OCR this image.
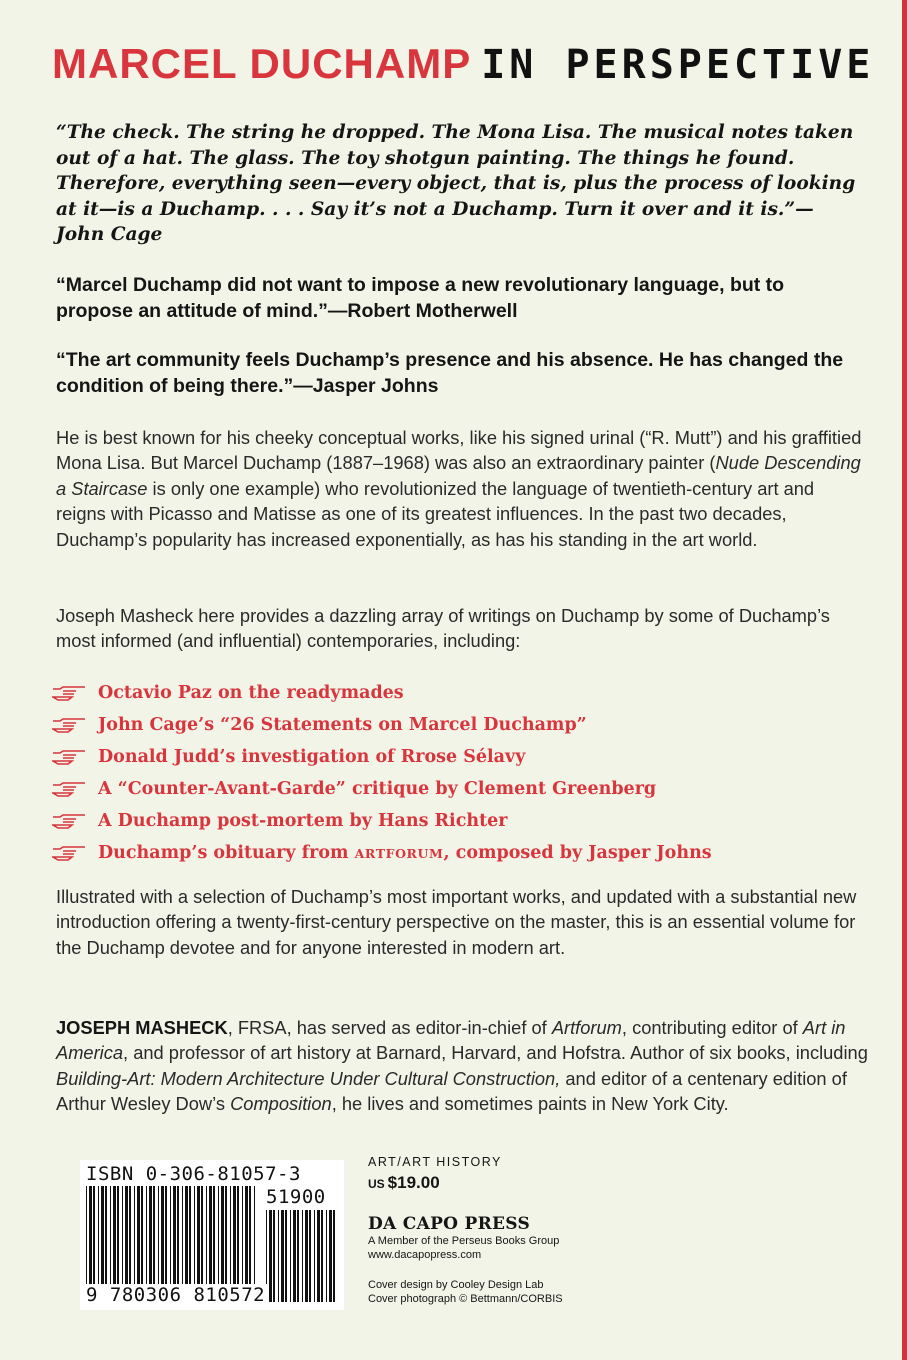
MARCEL DUCHAMP IN PERSPECTIVE

“The check. The string he dropped. The Mona Lisa. The musical notes taken out of a hat. The glass. The toy shotgun painting. The things he found. Therefore, everything seen—every object, that is, plus the process of looking at it—is a Duchamp. . . . Say it’s not a Duchamp. Turn it over and it is.”—John Cage

“Marcel Duchamp did not want to impose a new revolutionary language, but to propose an attitude of mind.”—Robert Motherwell

“The art community feels Duchamp’s presence and his absence. He has changed the condition of being there.”—Jasper Johns

He is best known for his cheeky conceptual works, like his signed urinal (“R. Mutt”) and his graffitied Mona Lisa. But Marcel Duchamp (1887–1968) was also an extraordinary painter (Nude Descending a Staircase is only one example) who revolutionized the language of twentieth-century art and reigns with Picasso and Matisse as one of its greatest influences. In the past two decades, Duchamp’s popularity has increased exponentially, as has his standing in the art world.

Joseph Masheck here provides a dazzling array of writings on Duchamp by some of Duchamp’s most informed (and influential) contemporaries, including:

Octavio Paz on the readymades
John Cage’s “26 Statements on Marcel Duchamp”
Donald Judd’s investigation of Rrose Sélavy
A “Counter-Avant-Garde” critique by Clement Greenberg
A Duchamp post-mortem by Hans Richter
Duchamp’s obituary from ARTFORUM, composed by Jasper Johns

Illustrated with a selection of Duchamp’s most important works, and updated with a substantial new introduction offering a twenty-first-century perspective on the master, this is an essential volume for the Duchamp devotee and for anyone interested in modern art.

JOSEPH MASHECK, FRSA, has served as editor-in-chief of Artforum, contributing editor of Art in America, and professor of art history at Barnard, Harvard, and Hofstra. Author of six books, including Building-Art: Modern Architecture Under Cultural Construction, and editor of a centenary edition of Arthur Wesley Dow’s Composition, he lives and sometimes paints in New York City.

ISBN 0-306-81057-3
51900
9 780306 810572

ART/ART HISTORY

US $19.00

DA CAPO PRESS

A Member of the Perseus Books Group

www.dacapopress.com

Cover design by Cooley Design Lab

Cover photograph © Bettmann/CORBIS
